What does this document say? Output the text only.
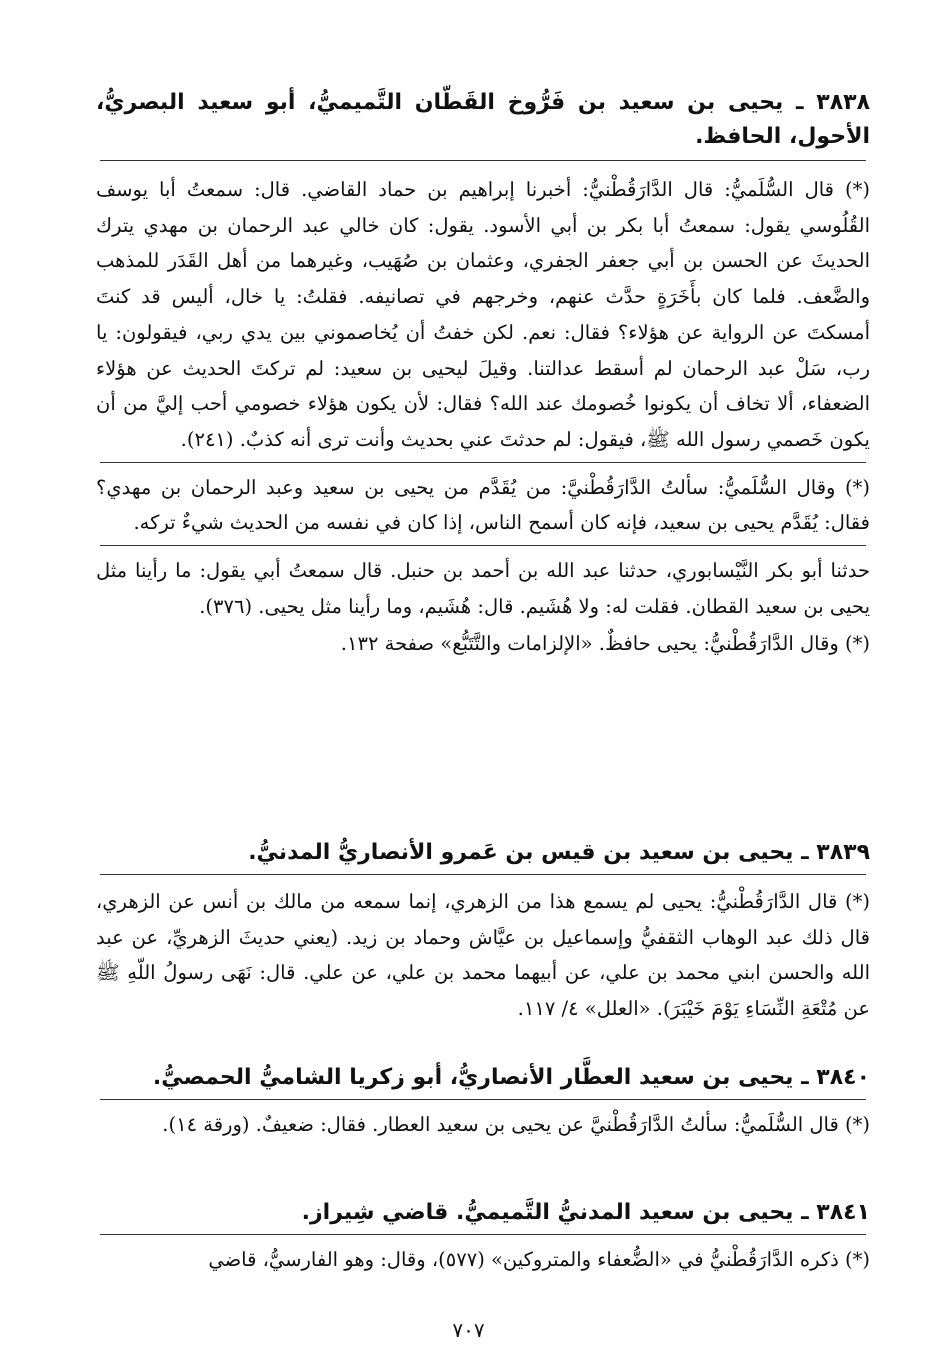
٣٨٣٨ ـ يحيى بن سعيد بن فَرُّوخ القَطّان التَّميميُّ، أبو سعيد البصريُّ، الأحول، الحافظ.
(*) قال السُّلَميُّ: قال الدَّارَقُطْنيُّ: أخبرنا إبراهيم بن حماد القاضي. قال: سمعتُ أبا يوسف القُلُوسي يقول: سمعتُ أبا بكر بن أبي الأسود. يقول: كان خالي عبد الرحمان بن مهدي يترك الحديثَ عن الحسن بن أبي جعفر الجفري، وعثمان بن صُهَيب، وغيرهما من أهل القَدَر للمذهب والضَّعف. فلما كان بأَخَرَةٍ حدَّث عنهم، وخرجهم في تصانيفه. فقلتُ: يا خال، أليس قد كنتَ أمسكتَ عن الرواية عن هؤلاء؟ فقال: نعم. لكن خفتُ أن يُخاصموني بين يدي ربي، فيقولون: يا رب، سَلْ عبد الرحمان لم أسقط عدالتنا. وقيلَ ليحيى بن سعيد: لم تركتَ الحديث عن هؤلاء الضعفاء، ألا تخاف أن يكونوا خُصومك عند الله؟ فقال: لأن يكون هؤلاء خصومي أحب إليَّ من أن يكون خَصمي رسول الله ﷺ، فيقول: لم حدثتَ عني بحديث وأنت ترى أنه كذبٌ. (٢٤١).
(*) وقال السُّلَميُّ: سألتُ الدَّارَقُطْنيَّ: من يُقَدَّم من يحيى بن سعيد وعبد الرحمان بن مهدي؟ فقال: يُقَدَّم يحيى بن سعيد، فإنه كان أسمح الناس، إذا كان في نفسه من الحديث شيءٌ تركه.
حدثنا أبو بكر النَّيْسابوري، حدثنا عبد الله بن أحمد بن حنبل. قال سمعتُ أبي يقول: ما رأينا مثل يحيى بن سعيد القطان. فقلت له: ولا هُشَيم. قال: هُشَيم، وما رأينا مثل يحيى. (٣٧٦).
(*) وقال الدَّارَقُطْنيُّ: يحيى حافظٌ. «الإلزامات والتَّتَبُّع» صفحة ١٣٢.
٣٨٣٩ ـ يحيى بن سعيد بن قيس بن عَمرو الأنصاريُّ المدنيُّ.
(*) قال الدَّارَقُطْنيُّ: يحيى لم يسمع هذا من الزهري، إنما سمعه من مالك بن أنس عن الزهري، قال ذلك عبد الوهاب الثقفيُّ وإسماعيل بن عيَّاش وحماد بن زيد. (يعني حديثَ الزهريِّ، عن عبد الله والحسن ابني محمد بن علي، عن أبيهما محمد بن علي، عن علي. قال: نَهَى رسولُ اللّهِ ﷺ عن مُتْعَةِ النِّسَاءِ يَوْمَ خَيْبَرَ). «العلل» ٤/ ١١٧.
٣٨٤٠ ـ يحيى بن سعيد العطَّار الأنصاريُّ، أبو زكريا الشاميُّ الحمصيُّ.
(*) قال السُّلَميُّ: سألتُ الدَّارَقُطْنيَّ عن يحيى بن سعيد العطار. فقال: ضعيفٌ. (ورقة ١٤).
٣٨٤١ ـ يحيى بن سعيد المدنيُّ التَّميميُّ. قاضي شِيراز.
(*) ذكره الدَّارَقُطْنيُّ في «الضُّعفاء والمتروكين» (٥٧٧)، وقال: وهو الفارسيُّ، قاضي
٧٠٧
